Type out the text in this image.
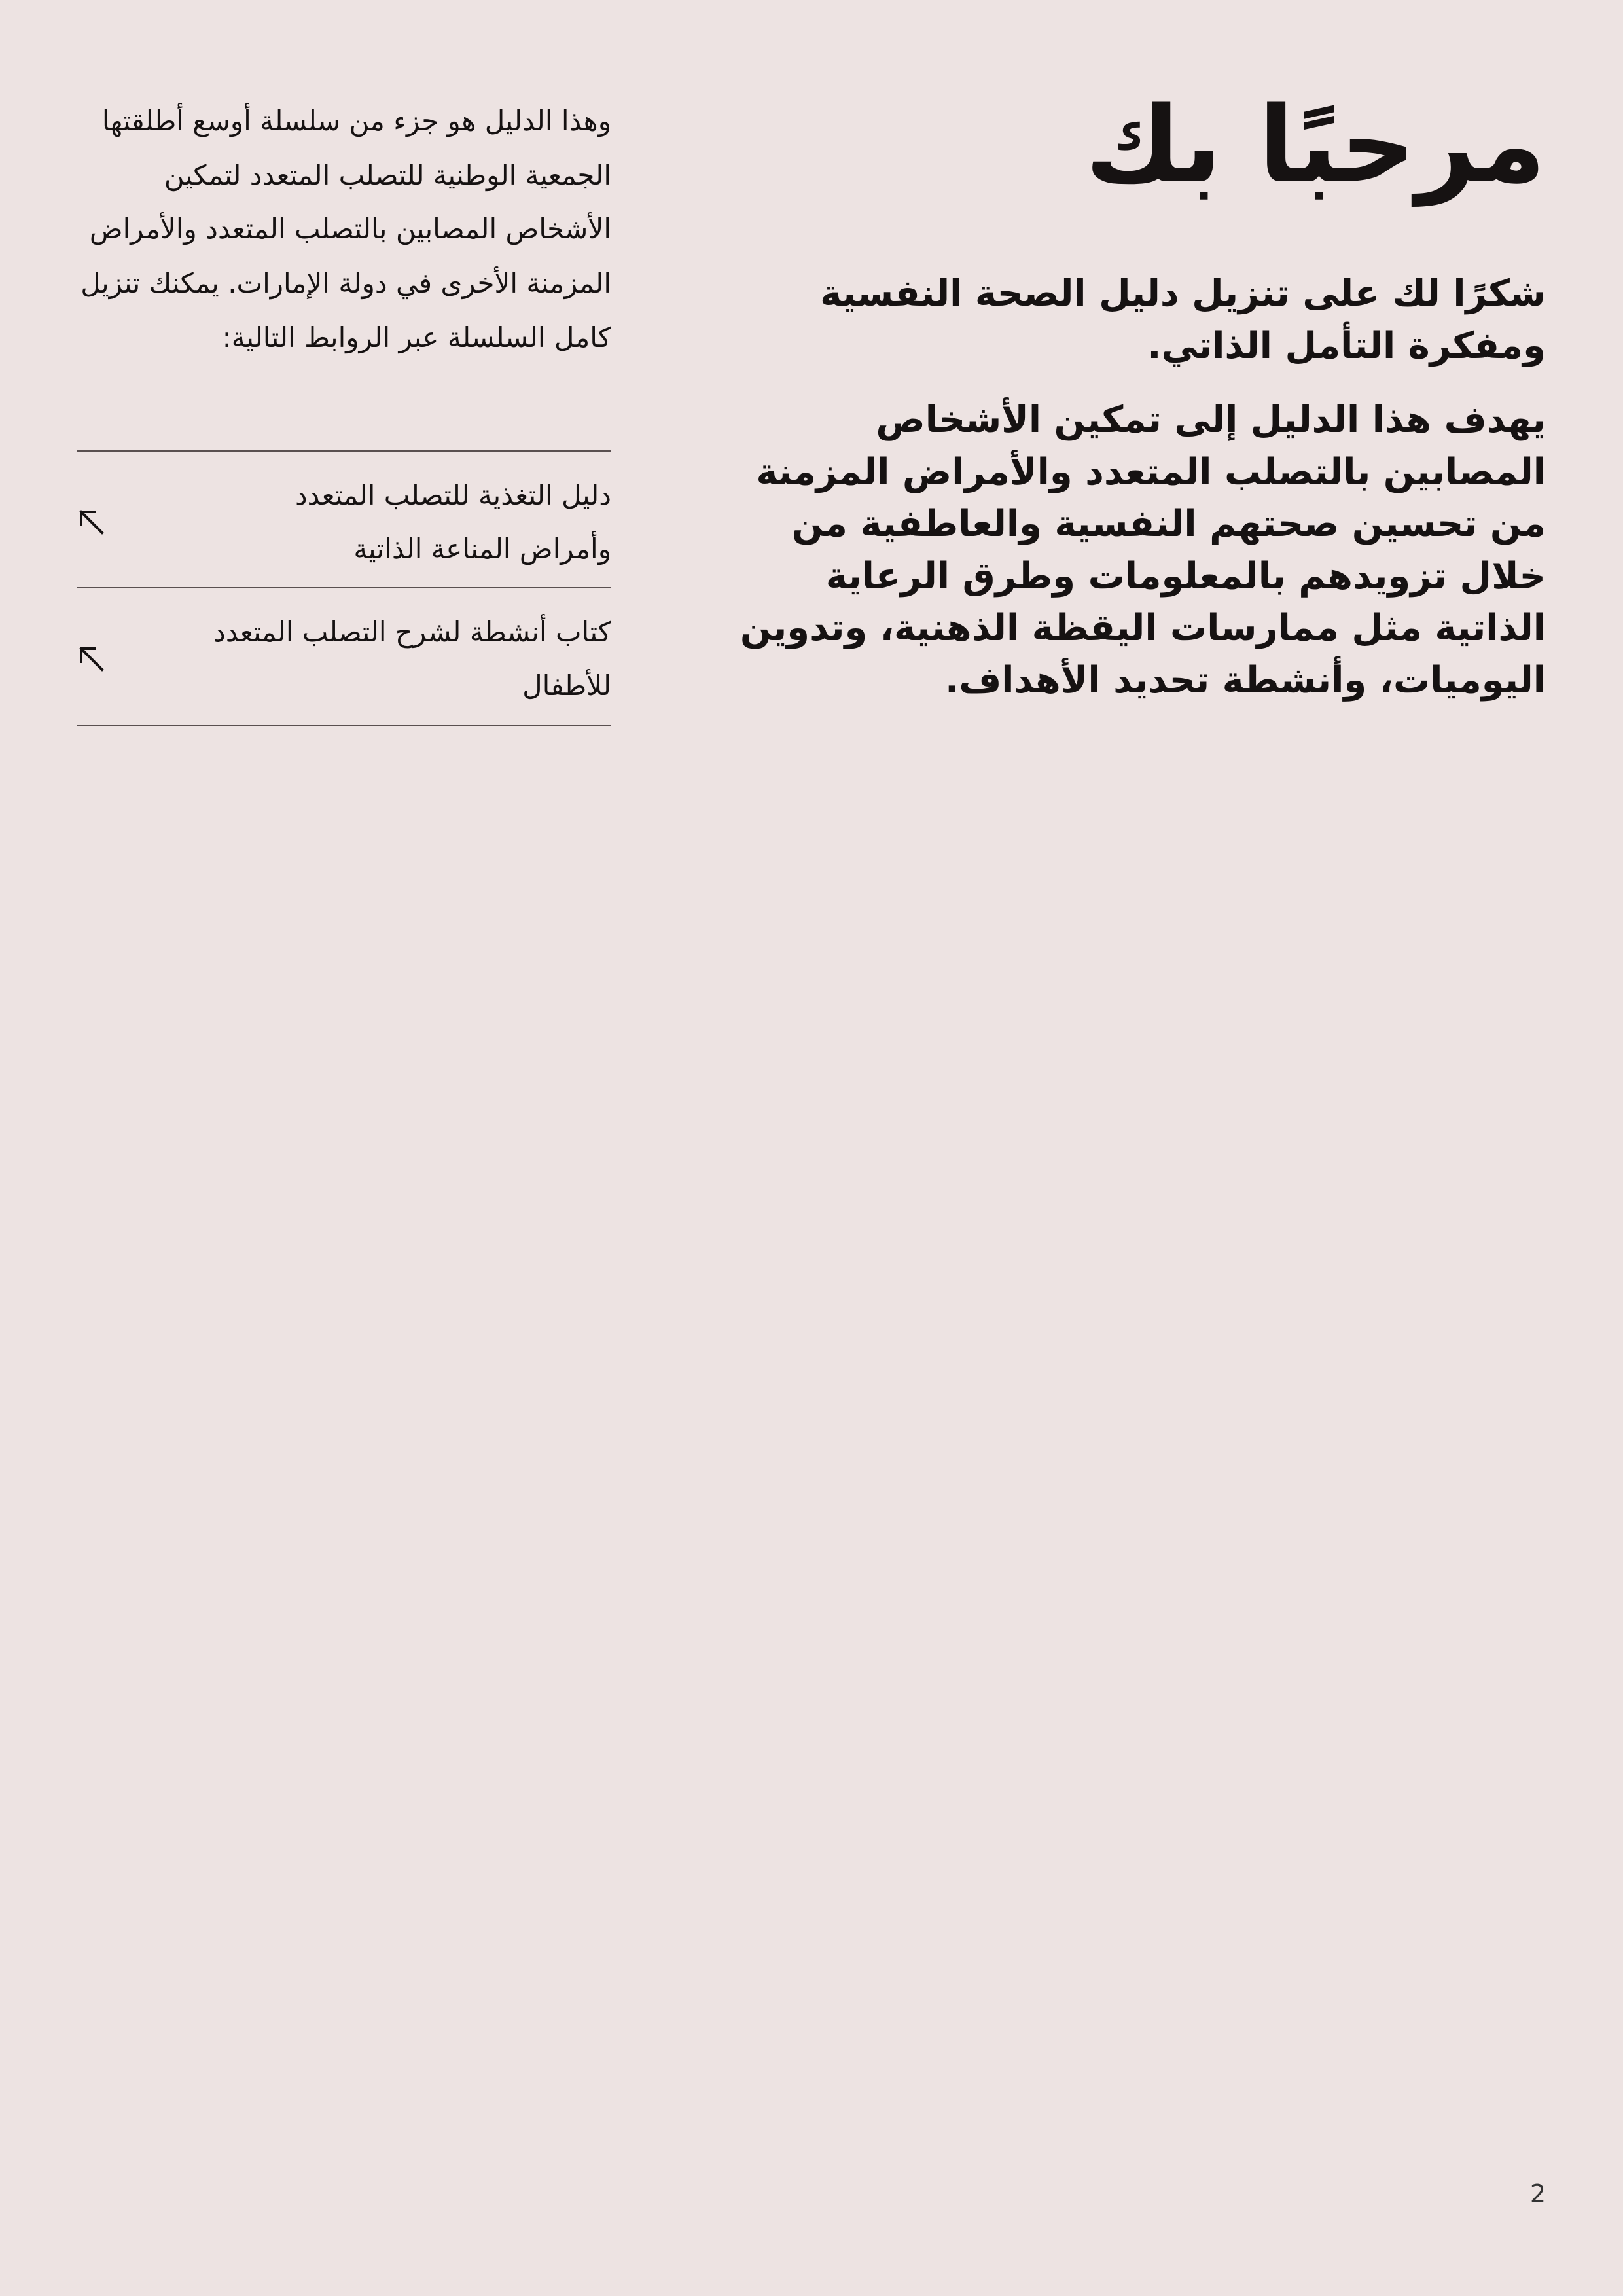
مرحبًا بك

شكرًا لك على تنزيل دليل الصحة النفسية ومفكرة التأمل الذاتي.

يهدف هذا الدليل إلى تمكين الأشخاص المصابين بالتصلب المتعدد والأمراض المزمنة من تحسين صحتهم النفسية والعاطفية من خلال تزويدهم بالمعلومات وطرق الرعاية الذاتية مثل ممارسات اليقظة الذهنية، وتدوين اليوميات، وأنشطة تحديد الأهداف.

وهذا الدليل هو جزء من سلسلة أوسع أطلقتها الجمعية الوطنية للتصلب المتعدد لتمكين الأشخاص المصابين بالتصلب المتعدد والأمراض المزمنة الأخرى في دولة الإمارات. يمكنك تنزيل كامل السلسلة عبر الروابط التالية:

دليل التغذية للتصلب المتعدد وأمراض المناعة الذاتية
كتاب أنشطة لشرح التصلب المتعدد للأطفال
2
